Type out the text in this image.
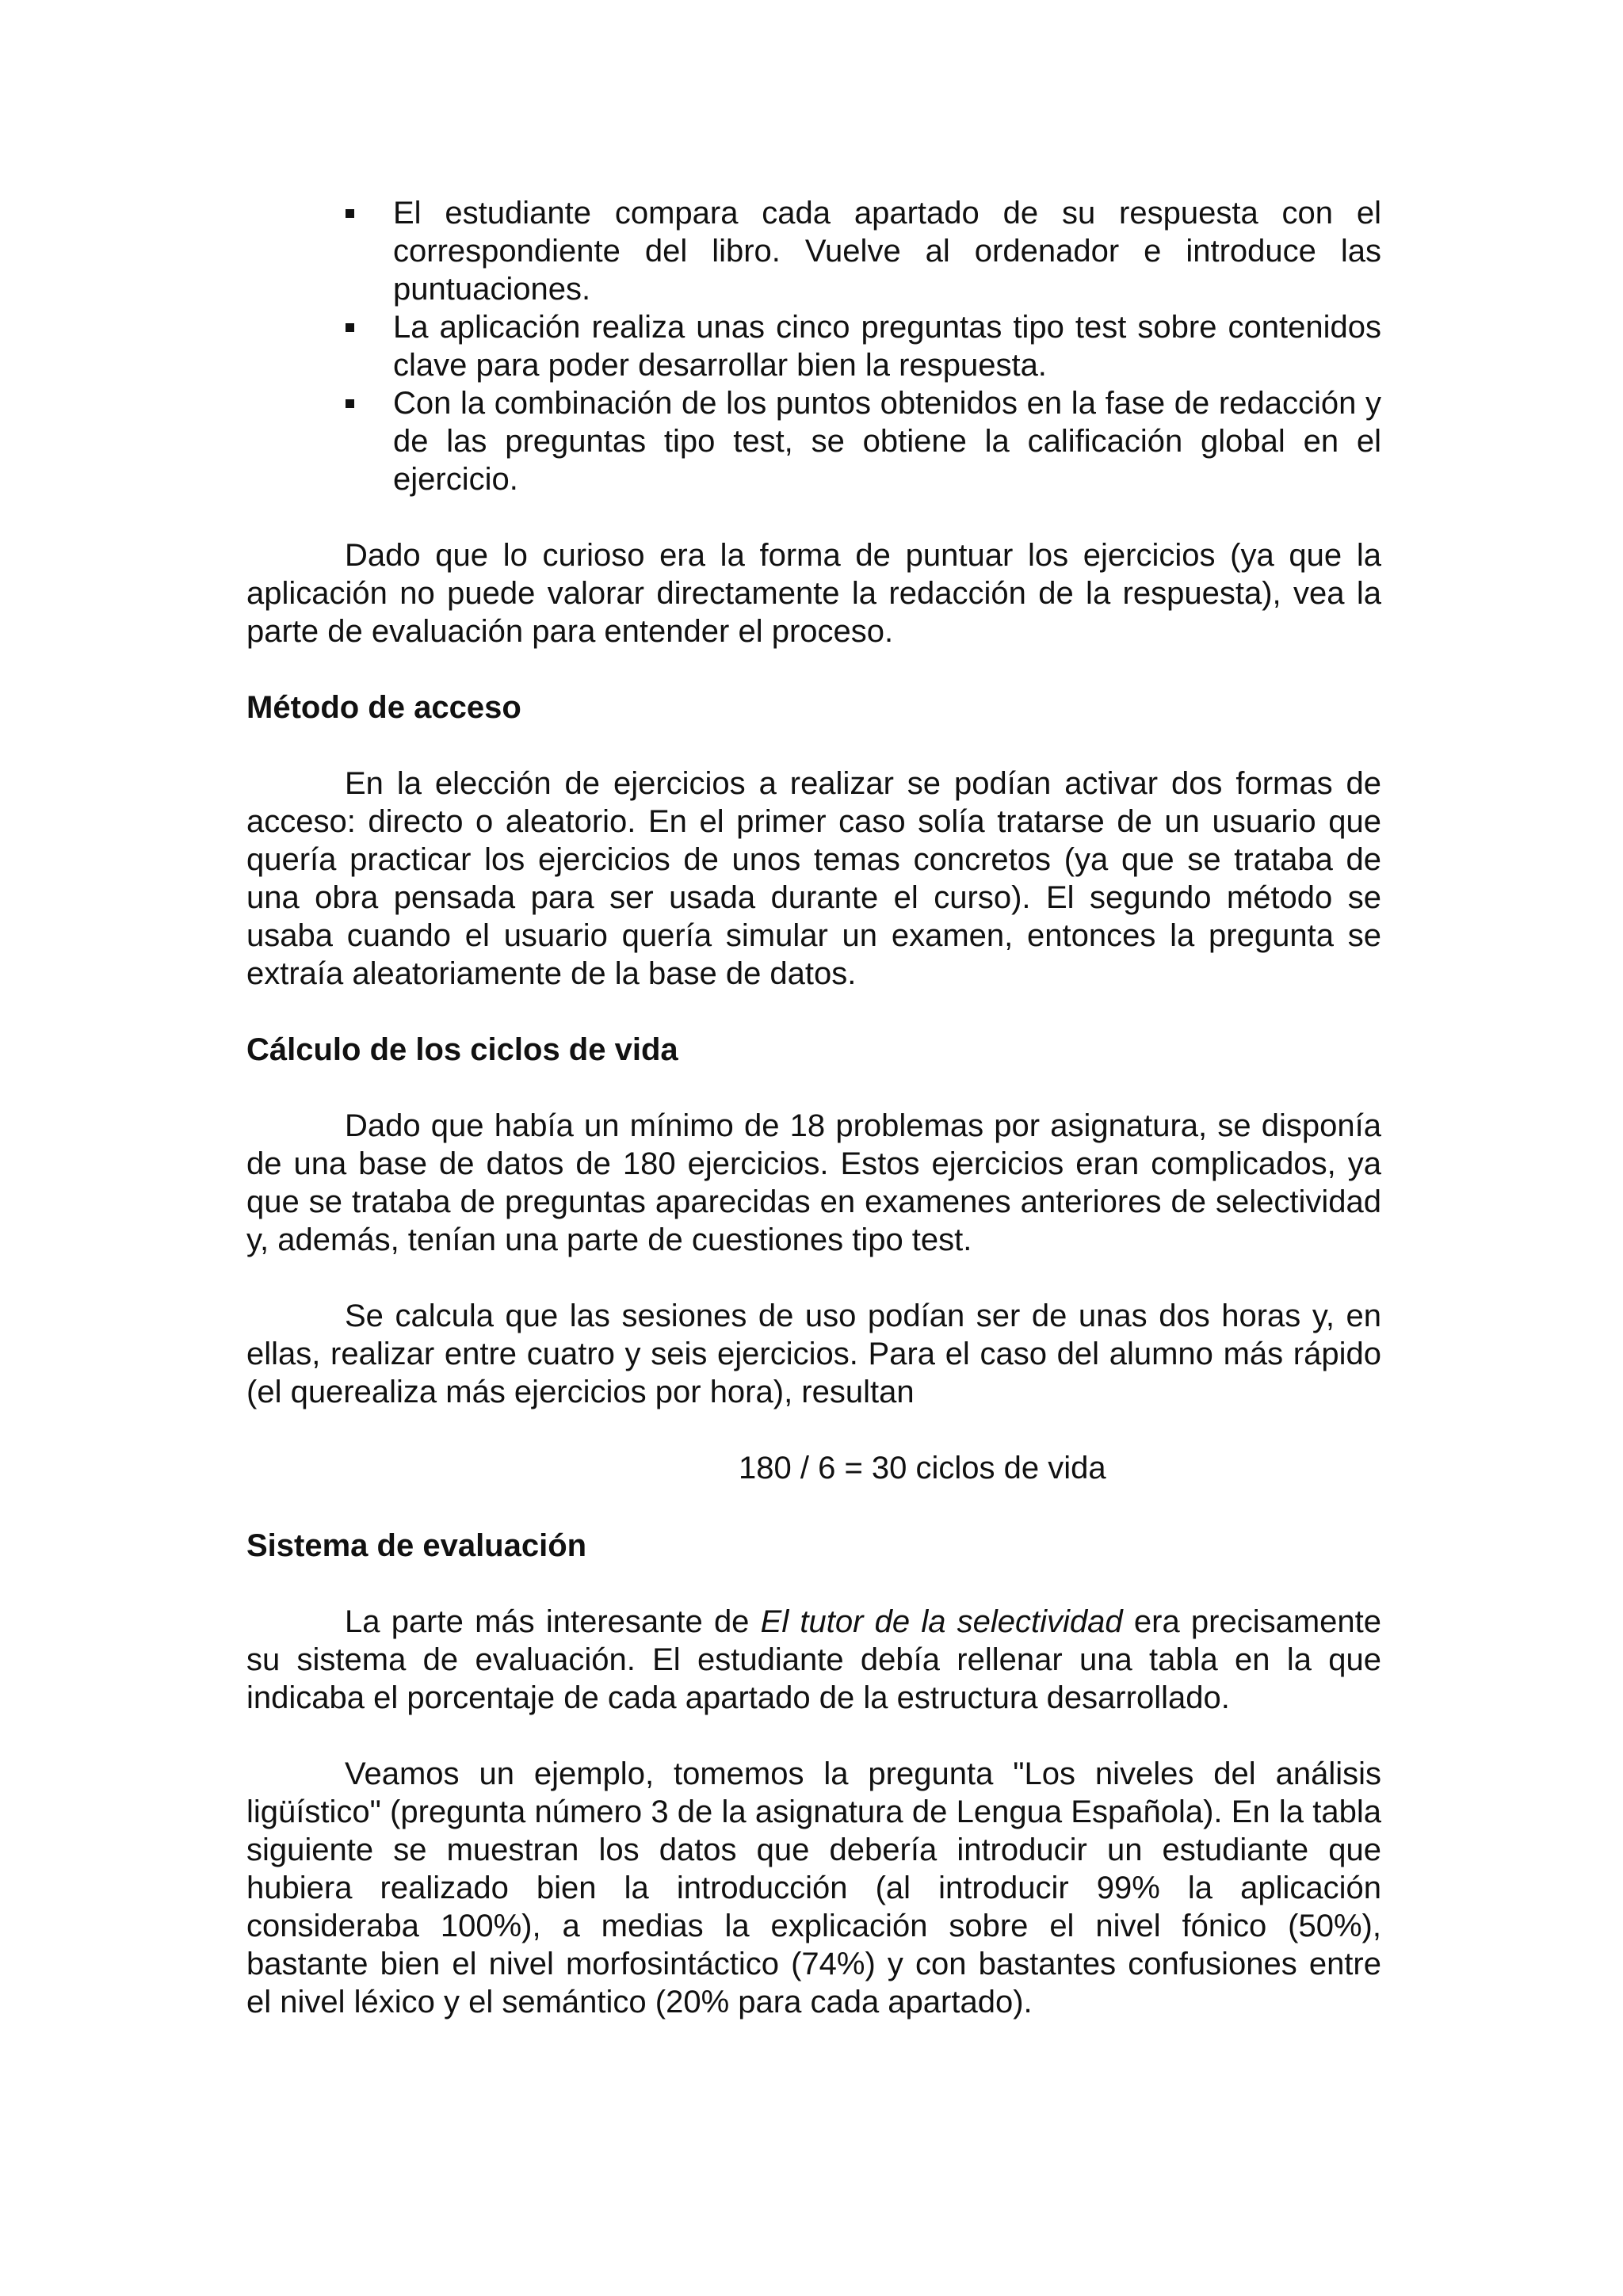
El estudiante compara cada apartado de su respuesta con el correspondiente del libro. Vuelve al ordenador e introduce las puntuaciones.
La aplicación realiza unas cinco preguntas tipo test sobre contenidos clave para poder desarrollar bien la respuesta.
Con la combinación de los puntos obtenidos en la fase de redacción y de las preguntas tipo test, se obtiene la calificación global en el ejercicio.

Dado que lo curioso era la forma de puntuar los ejercicios (ya que la aplicación no puede valorar directamente la redacción de la respuesta), vea la parte de evaluación para entender el proceso.

Método de acceso

En la elección de ejercicios a realizar se podían activar dos formas de acceso: directo o aleatorio. En el primer caso solía tratarse de un usuario que quería practicar los ejercicios de unos temas concretos (ya que se trataba de una obra pensada para ser usada durante el curso). El segundo método se usaba cuando el usuario quería simular un examen, entonces la pregunta se extraía aleatoriamente de la base de datos.

Cálculo de los ciclos de vida

Dado que había un mínimo de 18 problemas por asignatura, se disponía de una base de datos de 180 ejercicios. Estos ejercicios eran complicados, ya que se trataba de preguntas aparecidas en examenes anteriores de selectividad y, además, tenían una parte de cuestiones tipo test.

Se calcula que las sesiones de uso podían ser de unas dos horas y, en ellas, realizar entre cuatro y seis ejercicios. Para el caso del alumno más rápido (el querealiza más ejercicios por hora), resultan

180 / 6 = 30 ciclos de vida

Sistema de evaluación

La parte más interesante de El tutor de la selectividad era precisamente su sistema de evaluación. El estudiante debía rellenar una tabla en la que indicaba el porcentaje de cada apartado de la estructura desarrollado.

Veamos un ejemplo, tomemos la pregunta "Los niveles del análisis ligüístico" (pregunta número 3 de la asignatura de Lengua Española). En la tabla siguiente se muestran los datos que debería introducir un estudiante que hubiera realizado bien la introducción (al introducir 99% la aplicación consideraba 100%), a medias la explicación sobre el nivel fónico (50%), bastante bien el nivel morfosintáctico (74%) y con bastantes confusiones entre el nivel léxico y el semántico (20% para cada apartado).
